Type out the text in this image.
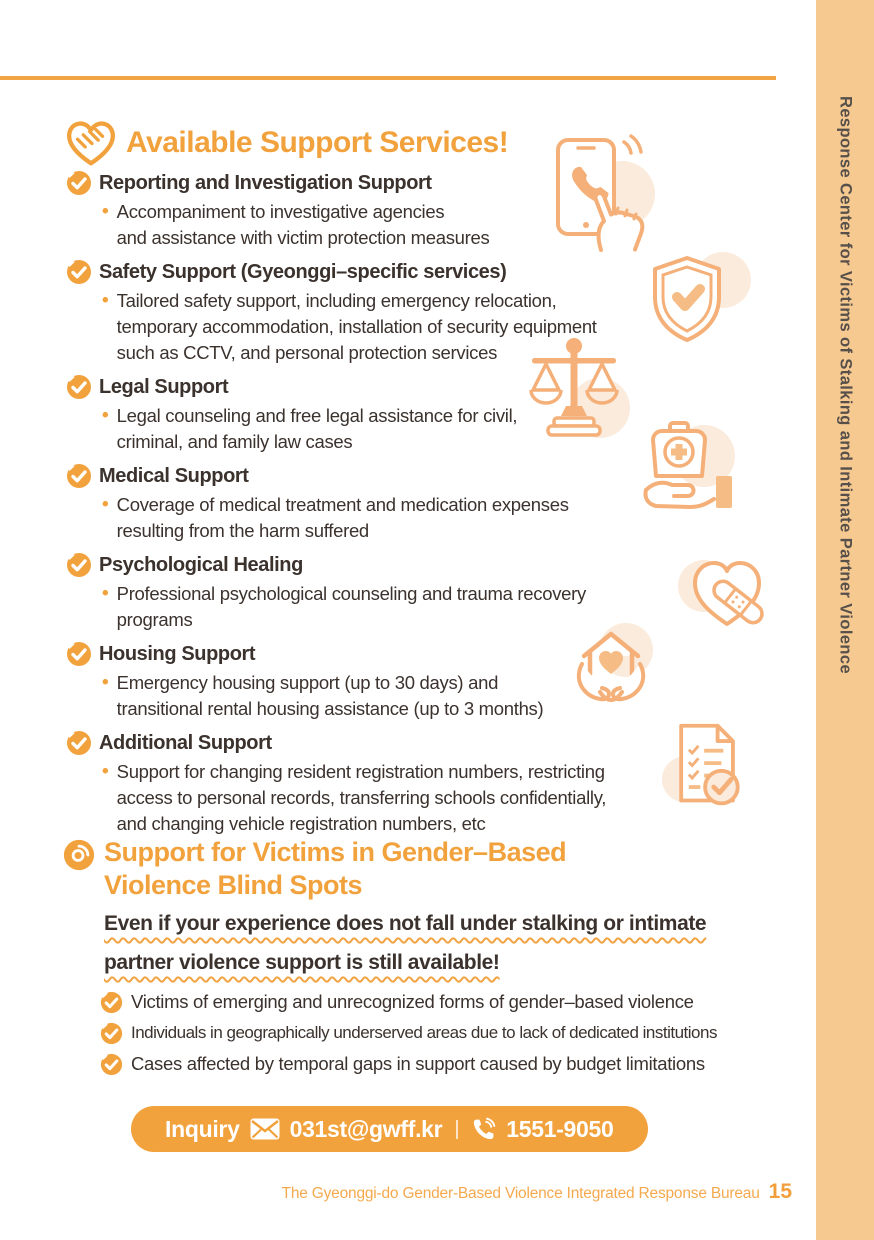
Response Center for Victims of Stalking and Intimate Partner Violence
Available Support Services!
Reporting and Investigation Support
• Accompaniment to investigative agencies
and assistance with victim protection measures
Safety Support (Gyeonggi–specific services)
• Tailored safety support, including emergency relocation,
temporary accommodation, installation of security equipment
such as CCTV, and personal protection services
Legal Support
• Legal counseling and free legal assistance for civil,
criminal, and family law cases
Medical Support
• Coverage of medical treatment and medication expenses
resulting from the harm suffered
Psychological Healing
• Professional psychological counseling and trauma recovery programs
Housing Support
• Emergency housing support (up to 30 days) and
transitional rental housing assistance (up to 3 months)
Additional Support
• Support for changing resident registration numbers, restricting
access to personal records, transferring schools confidentially,
and changing vehicle registration numbers, etc
Support for Victims in Gender–Based
Violence Blind Spots
Even if your experience does not fall under stalking or intimate
partner violence support is still available!
Victims of emerging and unrecognized forms of gender–based violence
Individuals in geographically underserved areas due to lack of dedicated institutions
Cases affected by temporal gaps in support caused by budget limitations
Inquiry 031st@gwff.kr | 1551-9050
The Gyeonggi-do Gender-Based Violence Integrated Response Bureau 15
